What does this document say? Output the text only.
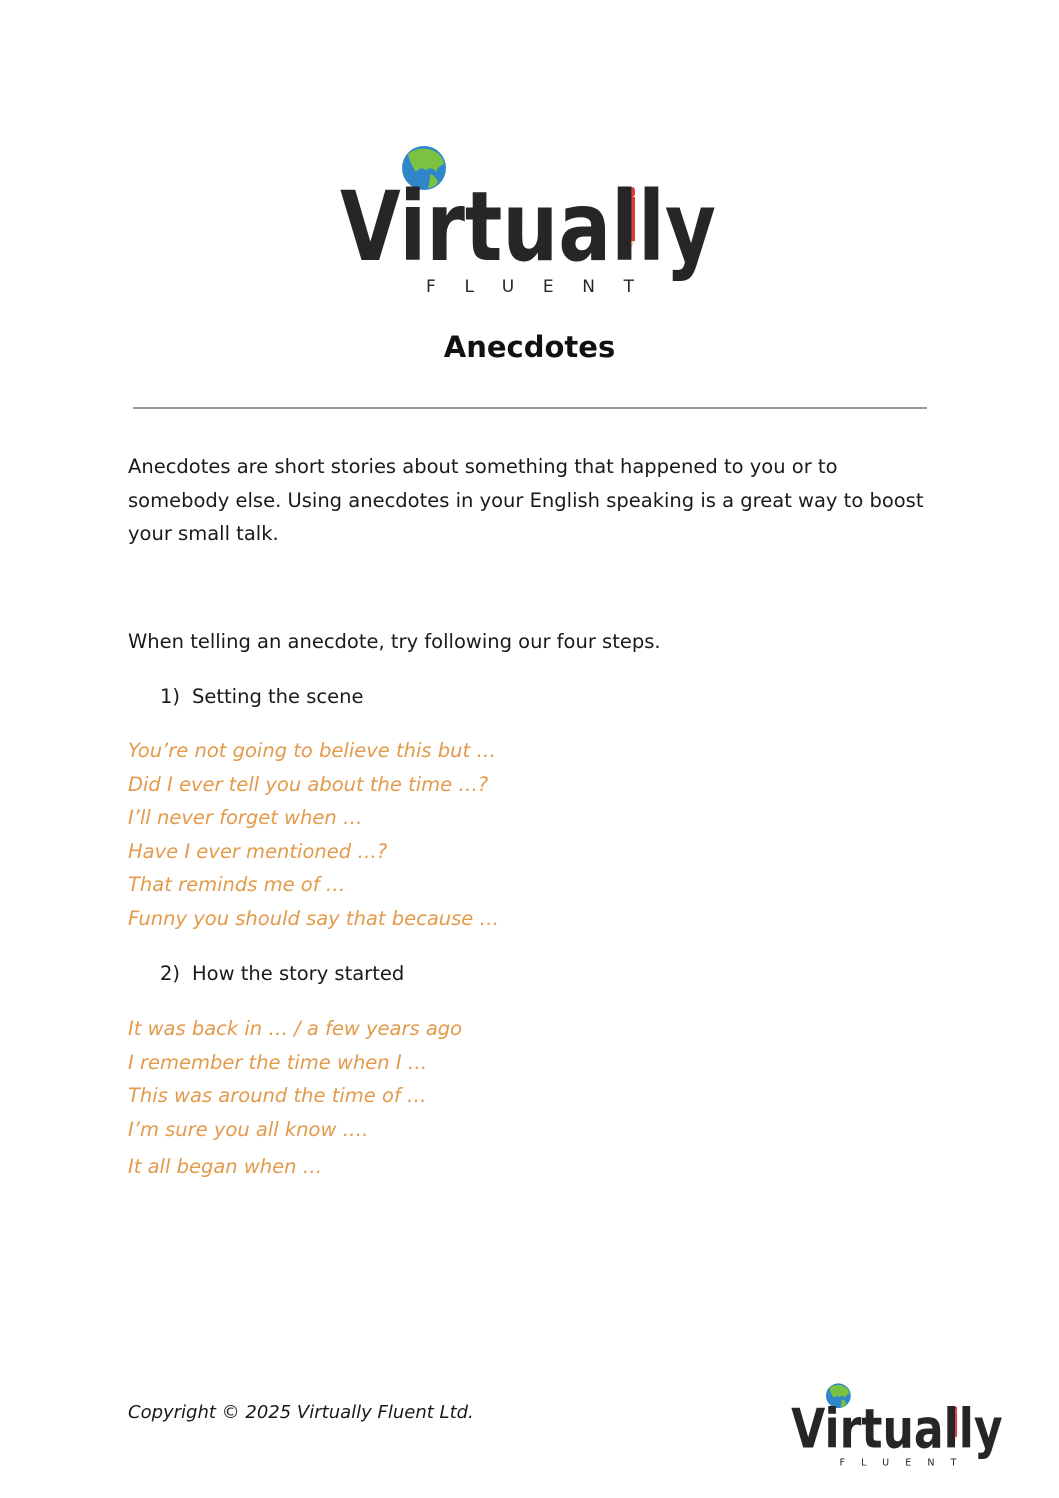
Virtually
FLUENT
Anecdotes

Anecdotes are short stories about something that happened to you or to somebody else. Using anecdotes in your English speaking is a great way to boost your small talk.

When telling an anecdote, try following our four steps.

1) Setting the scene
You’re not going to believe this but …
Did I ever tell you about the time …?
I’ll never forget when …
Have I ever mentioned …?
That reminds me of …
Funny you should say that because …
2) How the story started
It was back in … / a few years ago
I remember the time when I …
This was around the time of …
I’m sure you all know ….
It all began when …
Copyright © 2025 Virtually Fluent Ltd.	Virtually
FLUENT
